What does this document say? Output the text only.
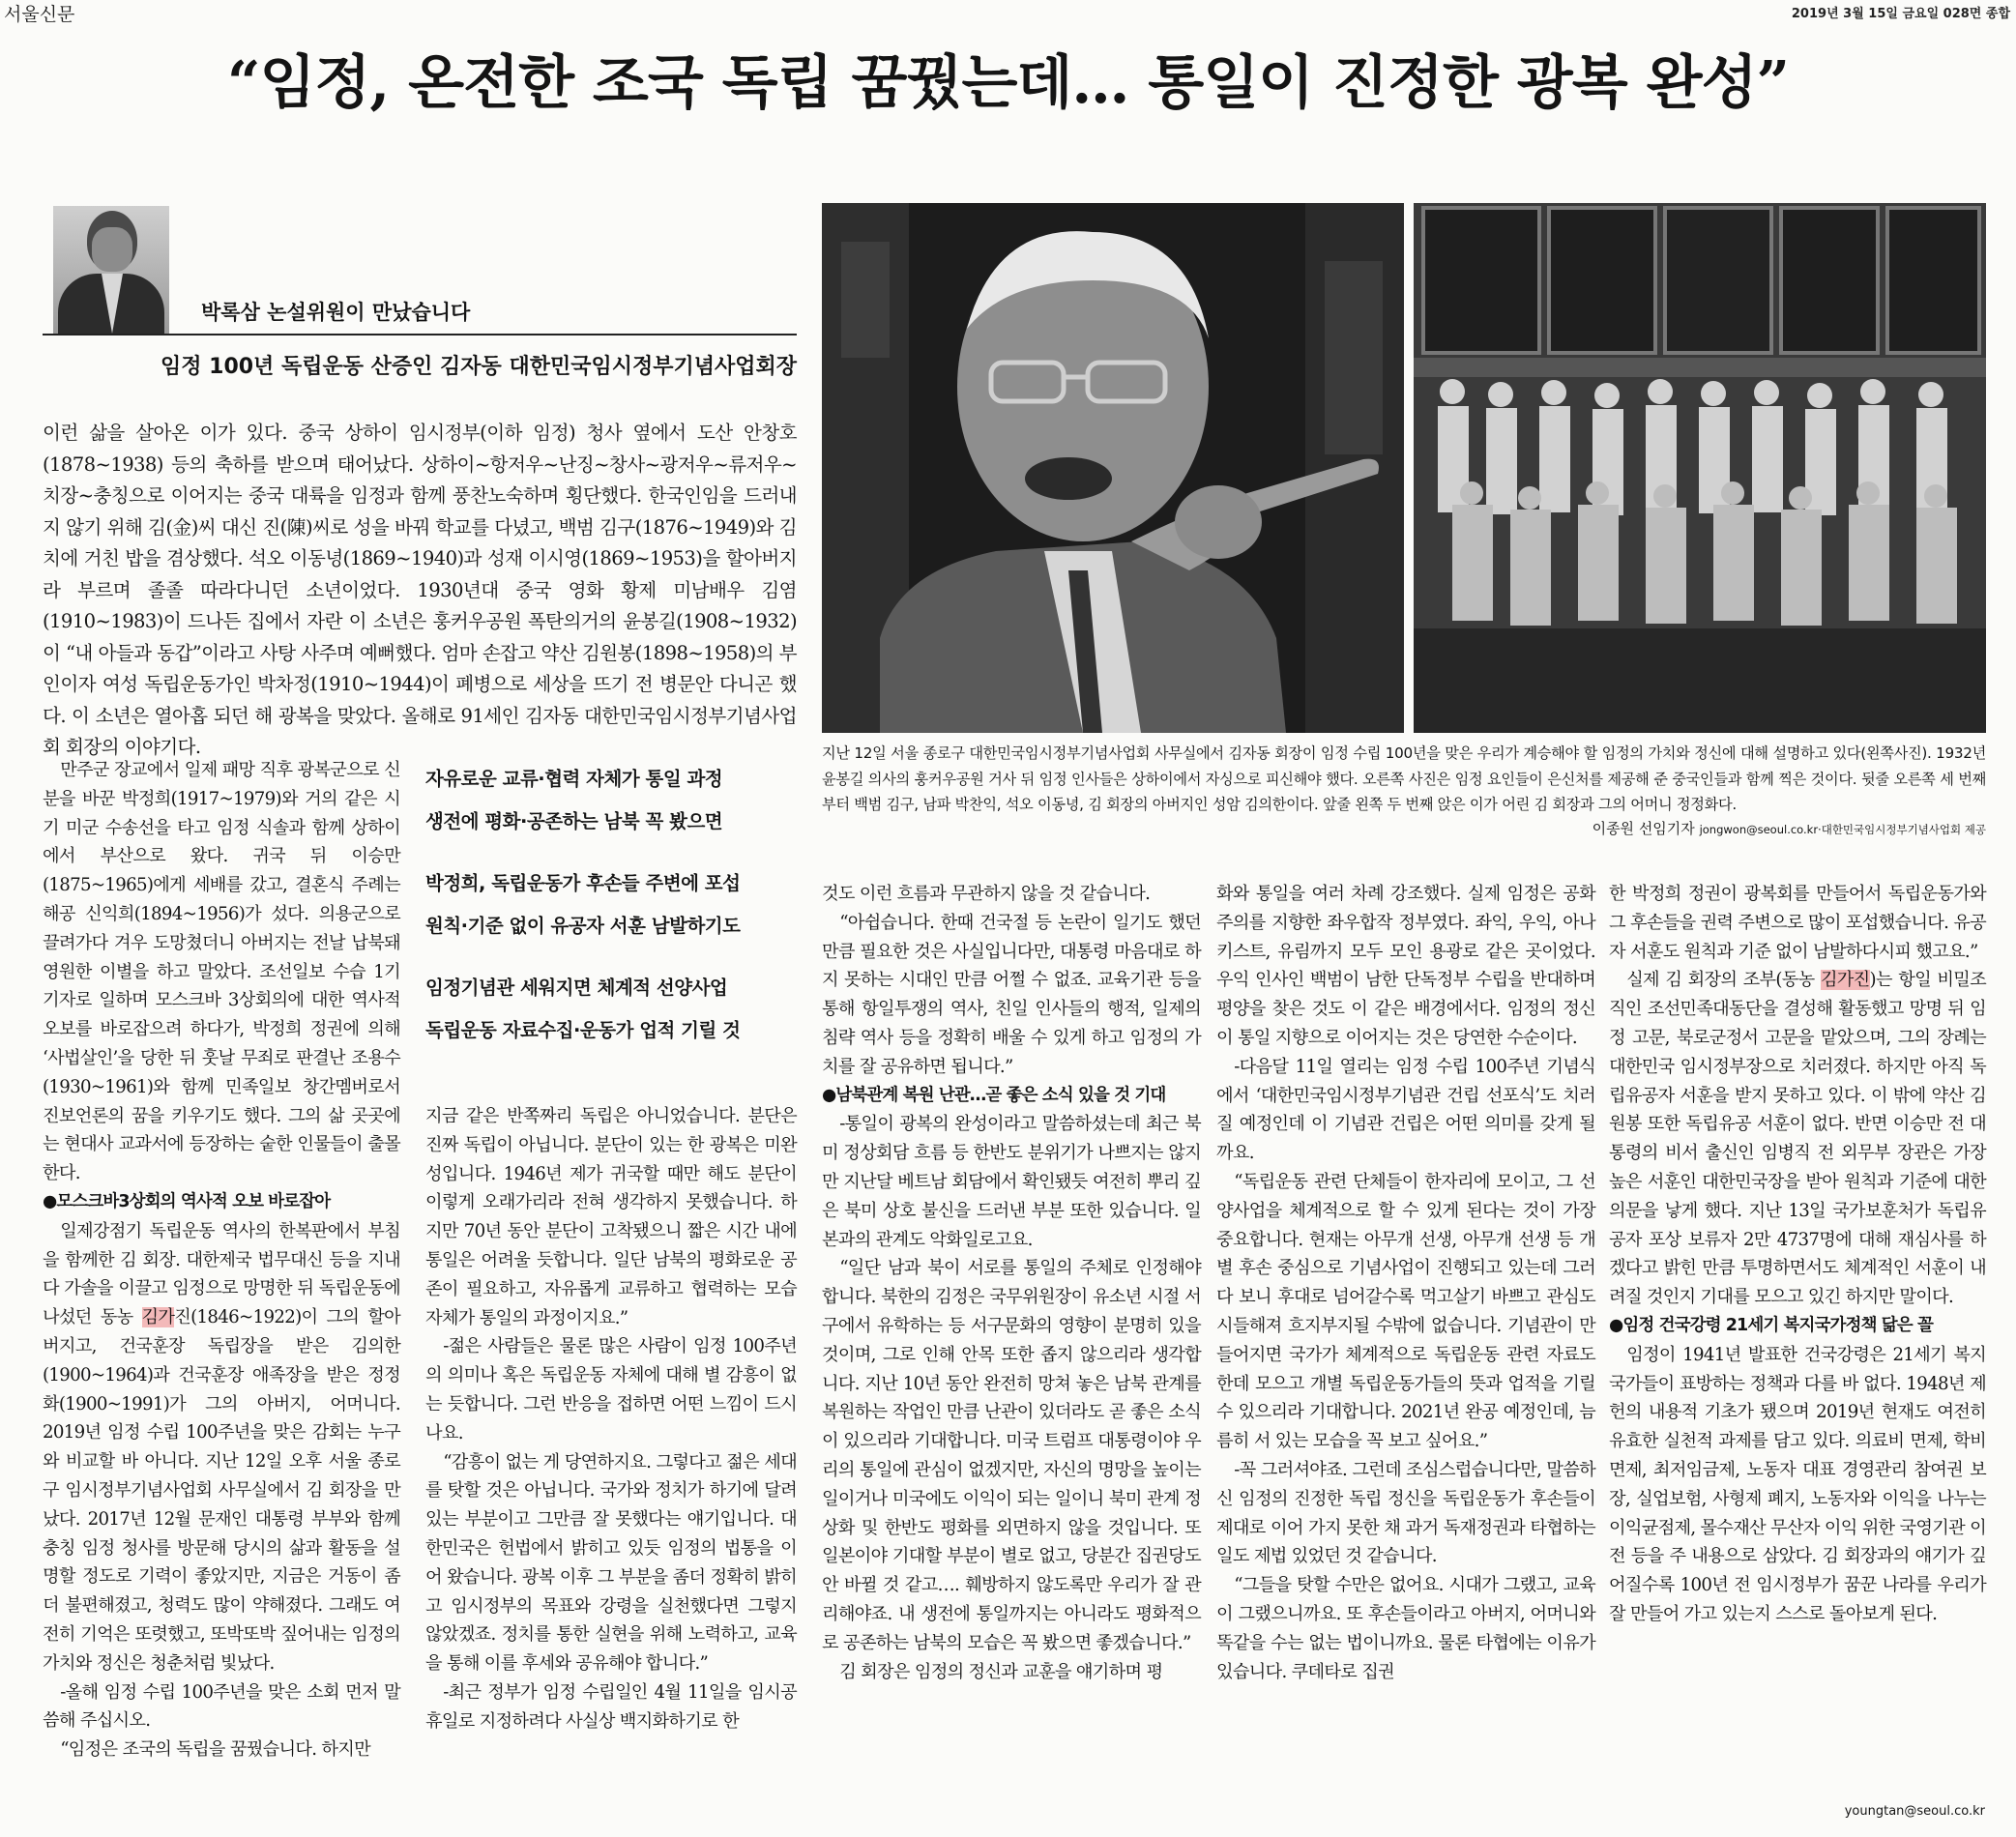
서울신문	2019년 3월 15일 금요일 028면 종합
“임정, 온전한 조국 독립 꿈꿨는데… 통일이 진정한 광복 완성”
박록삼 논설위원이 만났습니다
임정 100년 독립운동 산증인 김자동 대한민국임시정부기념사업회장
이런 삶을 살아온 이가 있다. 중국 상하이 임시정부(이하 임정) 청사 옆에서 도산 안창호(1878~1938) 등의 축하를 받으며 태어났다. 상하이~항저우~난징~창사~광저우~류저우~치장~충칭으로 이어지는 중국 대륙을 임정과 함께 풍찬노숙하며 횡단했다. 한국인임을 드러내지 않기 위해 김(金)씨 대신 진(陳)씨로 성을 바꿔 학교를 다녔고, 백범 김구(1876~1949)와 김치에 거친 밥을 겸상했다. 석오 이동녕(1869~1940)과 성재 이시영(1869~1953)을 할아버지라 부르며 졸졸 따라다니던 소년이었다. 1930년대 중국 영화 황제 미남배우 김염(1910~1983)이 드나든 집에서 자란 이 소년은 훙커우공원 폭탄의거의 윤봉길(1908~1932)이 “내 아들과 동갑”이라고 사탕 사주며 예뻐했다. 엄마 손잡고 약산 김원봉(1898~1958)의 부인이자 여성 독립운동가인 박차정(1910~1944)이 폐병으로 세상을 뜨기 전 병문안 다니곤 했다. 이 소년은 열아홉 되던 해 광복을 맞았다. 올해로 91세인 김자동 대한민국임시정부기념사업회 회장의 이야기다.	지난 12일 서울 종로구 대한민국임시정부기념사업회 사무실에서 김자동 회장이 임정 수립 100년을 맞은 우리가 계승해야 할 임정의 가치와 정신에 대해 설명하고 있다(왼쪽사진). 1932년 윤봉길 의사의 훙커우공원 거사 뒤 임정 인사들은 상하이에서 자싱으로 피신해야 했다. 오른쪽 사진은 임정 요인들이 은신처를 제공해 준 중국인들과 함께 찍은 것이다. 뒷줄 오른쪽 세 번째부터 백범 김구, 남파 박찬익, 석오 이동녕, 김 회장의 아버지인 성암 김의한이다. 앞줄 왼쪽 두 번째 앉은 이가 어린 김 회장과 그의 어머니 정정화다.
이종원 선임기자 jongwon@seoul.co.kr·대한민국임시정부기념사업회 제공
자유로운 교류·협력 자체가 통일 과정
생전에 평화·공존하는 남북 꼭 봤으면
박정희, 독립운동가 후손들 주변에 포섭
원칙·기준 없이 유공자 서훈 남발하기도
임정기념관 세워지면 체계적 선양사업
독립운동 자료수집·운동가 업적 기릴 것

만주군 장교에서 일제 패망 직후 광복군으로 신분을 바꾼 박정희(1917~1979)와 거의 같은 시기 미군 수송선을 타고 임정 식솔과 함께 상하이에서 부산으로 왔다. 귀국 뒤 이승만(1875~1965)에게 세배를 갔고, 결혼식 주례는 해공 신익희(1894~1956)가 섰다. 의용군으로 끌려가다 겨우 도망쳤더니 아버지는 전날 납북돼 영원한 이별을 하고 말았다. 조선일보 수습 1기 기자로 일하며 모스크바 3상회의에 대한 역사적 오보를 바로잡으려 하다가, 박정희 정권에 의해 ‘사법살인’을 당한 뒤 훗날 무죄로 판결난 조용수(1930~1961)와 함께 민족일보 창간멤버로서 진보언론의 꿈을 키우기도 했다. 그의 삶 곳곳에는 현대사 교과서에 등장하는 숱한 인물들이 출몰한다.

●모스크바3상회의 역사적 오보 바로잡아

일제강점기 독립운동 역사의 한복판에서 부침을 함께한 김 회장. 대한제국 법무대신 등을 지내다 가솔을 이끌고 임정으로 망명한 뒤 독립운동에 나섰던 동농 김가진(1846~1922)이 그의 할아버지고, 건국훈장 독립장을 받은 김의한(1900~1964)과 건국훈장 애족장을 받은 정정화(1900~1991)가 그의 아버지, 어머니다. 2019년 임정 수립 100주년을 맞은 감회는 누구와 비교할 바 아니다. 지난 12일 오후 서울 종로구 임시정부기념사업회 사무실에서 김 회장을 만났다. 2017년 12월 문재인 대통령 부부와 함께 충칭 임정 청사를 방문해 당시의 삶과 활동을 설명할 정도로 기력이 좋았지만, 지금은 거동이 좀더 불편해졌고, 청력도 많이 약해졌다. 그래도 여전히 기억은 또렷했고, 또박또박 짚어내는 임정의 가치와 정신은 청춘처럼 빛났다.

-올해 임정 수립 100주년을 맞은 소회 먼저 말씀해 주십시오.

“임정은 조국의 독립을 꿈꿨습니다. 하지만

지금 같은 반쪽짜리 독립은 아니었습니다. 분단은 진짜 독립이 아닙니다. 분단이 있는 한 광복은 미완성입니다. 1946년 제가 귀국할 때만 해도 분단이 이렇게 오래가리라 전혀 생각하지 못했습니다. 하지만 70년 동안 분단이 고착됐으니 짧은 시간 내에 통일은 어려울 듯합니다. 일단 남북의 평화로운 공존이 필요하고, 자유롭게 교류하고 협력하는 모습 자체가 통일의 과정이지요.”

-젊은 사람들은 물론 많은 사람이 임정 100주년의 의미나 혹은 독립운동 자체에 대해 별 감흥이 없는 듯합니다. 그런 반응을 접하면 어떤 느낌이 드시나요.

“감흥이 없는 게 당연하지요. 그렇다고 젊은 세대를 탓할 것은 아닙니다. 국가와 정치가 하기에 달려 있는 부분이고 그만큼 잘 못했다는 얘기입니다. 대한민국은 헌법에서 밝히고 있듯 임정의 법통을 이어 왔습니다. 광복 이후 그 부분을 좀더 정확히 밝히고 임시정부의 목표와 강령을 실천했다면 그렇지 않았겠죠. 정치를 통한 실현을 위해 노력하고, 교육을 통해 이를 후세와 공유해야 합니다.”

-최근 정부가 임정 수립일인 4월 11일을 임시공휴일로 지정하려다 사실상 백지화하기로 한

것도 이런 흐름과 무관하지 않을 것 같습니다.

“아쉽습니다. 한때 건국절 등 논란이 일기도 했던 만큼 필요한 것은 사실입니다만, 대통령 마음대로 하지 못하는 시대인 만큼 어쩔 수 없죠. 교육기관 등을 통해 항일투쟁의 역사, 친일 인사들의 행적, 일제의 침략 역사 등을 정확히 배울 수 있게 하고 임정의 가치를 잘 공유하면 됩니다.”

●남북관계 복원 난관…곧 좋은 소식 있을 것 기대

-통일이 광복의 완성이라고 말씀하셨는데 최근 북미 정상회담 흐름 등 한반도 분위기가 나쁘지는 않지만 지난달 베트남 회담에서 확인됐듯 여전히 뿌리 깊은 북미 상호 불신을 드러낸 부분 또한 있습니다. 일본과의 관계도 악화일로고요.

“일단 남과 북이 서로를 통일의 주체로 인정해야 합니다. 북한의 김정은 국무위원장이 유소년 시절 서구에서 유학하는 등 서구문화의 영향이 분명히 있을 것이며, 그로 인해 안목 또한 좁지 않으리라 생각합니다. 지난 10년 동안 완전히 망쳐 놓은 남북 관계를 복원하는 작업인 만큼 난관이 있더라도 곧 좋은 소식이 있으리라 기대합니다. 미국 트럼프 대통령이야 우리의 통일에 관심이 없겠지만, 자신의 명망을 높이는 일이거나 미국에도 이익이 되는 일이니 북미 관계 정상화 및 한반도 평화를 외면하지 않을 것입니다. 또 일본이야 기대할 부분이 별로 없고, 당분간 집권당도 안 바뀔 것 같고…. 훼방하지 않도록만 우리가 잘 관리해야죠. 내 생전에 통일까지는 아니라도 평화적으로 공존하는 남북의 모습은 꼭 봤으면 좋겠습니다.”

김 회장은 임정의 정신과 교훈을 얘기하며 평

화와 통일을 여러 차례 강조했다. 실제 임정은 공화주의를 지향한 좌우합작 정부였다. 좌익, 우익, 아나키스트, 유림까지 모두 모인 용광로 같은 곳이었다. 우익 인사인 백범이 남한 단독정부 수립을 반대하며 평양을 찾은 것도 이 같은 배경에서다. 임정의 정신이 통일 지향으로 이어지는 것은 당연한 수순이다.

-다음달 11일 열리는 임정 수립 100주년 기념식에서 ‘대한민국임시정부기념관 건립 선포식’도 치러질 예정인데 이 기념관 건립은 어떤 의미를 갖게 될까요.

“독립운동 관련 단체들이 한자리에 모이고, 그 선양사업을 체계적으로 할 수 있게 된다는 것이 가장 중요합니다. 현재는 아무개 선생, 아무개 선생 등 개별 후손 중심으로 기념사업이 진행되고 있는데 그러다 보니 후대로 넘어갈수록 먹고살기 바쁘고 관심도 시들해져 흐지부지될 수밖에 없습니다. 기념관이 만들어지면 국가가 체계적으로 독립운동 관련 자료도 한데 모으고 개별 독립운동가들의 뜻과 업적을 기릴 수 있으리라 기대합니다. 2021년 완공 예정인데, 늠름히 서 있는 모습을 꼭 보고 싶어요.”

-꼭 그러셔야죠. 그런데 조심스럽습니다만, 말씀하신 임정의 진정한 독립 정신을 독립운동가 후손들이 제대로 이어 가지 못한 채 과거 독재정권과 타협하는 일도 제법 있었던 것 같습니다.

“그들을 탓할 수만은 없어요. 시대가 그랬고, 교육이 그랬으니까요. 또 후손들이라고 아버지, 어머니와 똑같을 수는 없는 법이니까요. 물론 타협에는 이유가 있습니다. 쿠데타로 집권

한 박정희 정권이 광복회를 만들어서 독립운동가와 그 후손들을 권력 주변으로 많이 포섭했습니다. 유공자 서훈도 원칙과 기준 없이 남발하다시피 했고요.”

실제 김 회장의 조부(동농 김가진)는 항일 비밀조직인 조선민족대동단을 결성해 활동했고 망명 뒤 임정 고문, 북로군정서 고문을 맡았으며, 그의 장례는 대한민국 임시정부장으로 치러졌다. 하지만 아직 독립유공자 서훈을 받지 못하고 있다. 이 밖에 약산 김원봉 또한 독립유공 서훈이 없다. 반면 이승만 전 대통령의 비서 출신인 임병직 전 외무부 장관은 가장 높은 서훈인 대한민국장을 받아 원칙과 기준에 대한 의문을 낳게 했다. 지난 13일 국가보훈처가 독립유공자 포상 보류자 2만 4737명에 대해 재심사를 하겠다고 밝힌 만큼 투명하면서도 체계적인 서훈이 내려질 것인지 기대를 모으고 있긴 하지만 말이다.

●임정 건국강령 21세기 복지국가정책 닮은 꼴

임정이 1941년 발표한 건국강령은 21세기 복지국가들이 표방하는 정책과 다를 바 없다. 1948년 제헌의 내용적 기초가 됐으며 2019년 현재도 여전히 유효한 실천적 과제를 담고 있다. 의료비 면제, 학비 면제, 최저임금제, 노동자 대표 경영관리 참여권 보장, 실업보험, 사형제 폐지, 노동자와 이익을 나누는 이익균점제, 몰수재산 무산자 이익 위한 국영기관 이전 등을 주 내용으로 삼았다. 김 회장과의 얘기가 깊어질수록 100년 전 임시정부가 꿈꾼 나라를 우리가 잘 만들어 가고 있는지 스스로 돌아보게 된다.

youngtan@seoul.co.kr
